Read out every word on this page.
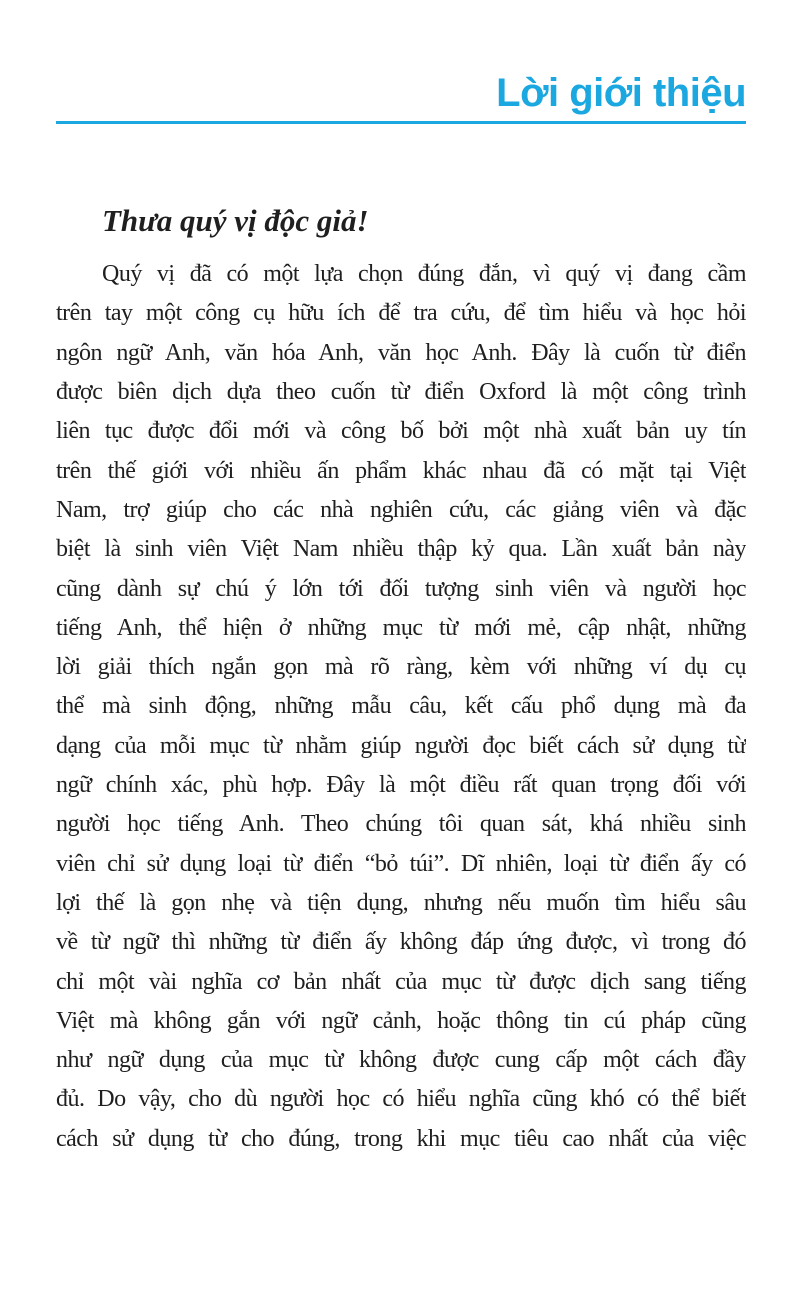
Lời giới thiệu
Thưa quý vị độc giả!
Quý vị đã có một lựa chọn đúng đắn, vì quý vị đang cầm
trên tay một công cụ hữu ích để tra cứu, để tìm hiểu và học hỏi
ngôn ngữ Anh, văn hóa Anh, văn học Anh. Đây là cuốn từ điển
được biên dịch dựa theo cuốn từ điển Oxford là một công trình
liên tục được đổi mới và công bố bởi một nhà xuất bản uy tín
trên thế giới với nhiều ấn phẩm khác nhau đã có mặt tại Việt
Nam, trợ giúp cho các nhà nghiên cứu, các giảng viên và đặc
biệt là sinh viên Việt Nam nhiều thập kỷ qua. Lần xuất bản này
cũng dành sự chú ý lớn tới đối tượng sinh viên và người học
tiếng Anh, thể hiện ở những mục từ mới mẻ, cập nhật, những
lời giải thích ngắn gọn mà rõ ràng, kèm với những ví dụ cụ
thể mà sinh động, những mẫu câu, kết cấu phổ dụng mà đa
dạng của mỗi mục từ nhằm giúp người đọc biết cách sử dụng từ
ngữ chính xác, phù hợp. Đây là một điều rất quan trọng đối với
người học tiếng Anh. Theo chúng tôi quan sát, khá nhiều sinh
viên chỉ sử dụng loại từ điển “bỏ túi”. Dĩ nhiên, loại từ điển ấy có
lợi thế là gọn nhẹ và tiện dụng, nhưng nếu muốn tìm hiểu sâu
về từ ngữ thì những từ điển ấy không đáp ứng được, vì trong đó
chỉ một vài nghĩa cơ bản nhất của mục từ được dịch sang tiếng
Việt mà không gắn với ngữ cảnh, hoặc thông tin cú pháp cũng
như ngữ dụng của mục từ không được cung cấp một cách đầy
đủ. Do vậy, cho dù người học có hiểu nghĩa cũng khó có thể biết
cách sử dụng từ cho đúng, trong khi mục tiêu cao nhất của việc
